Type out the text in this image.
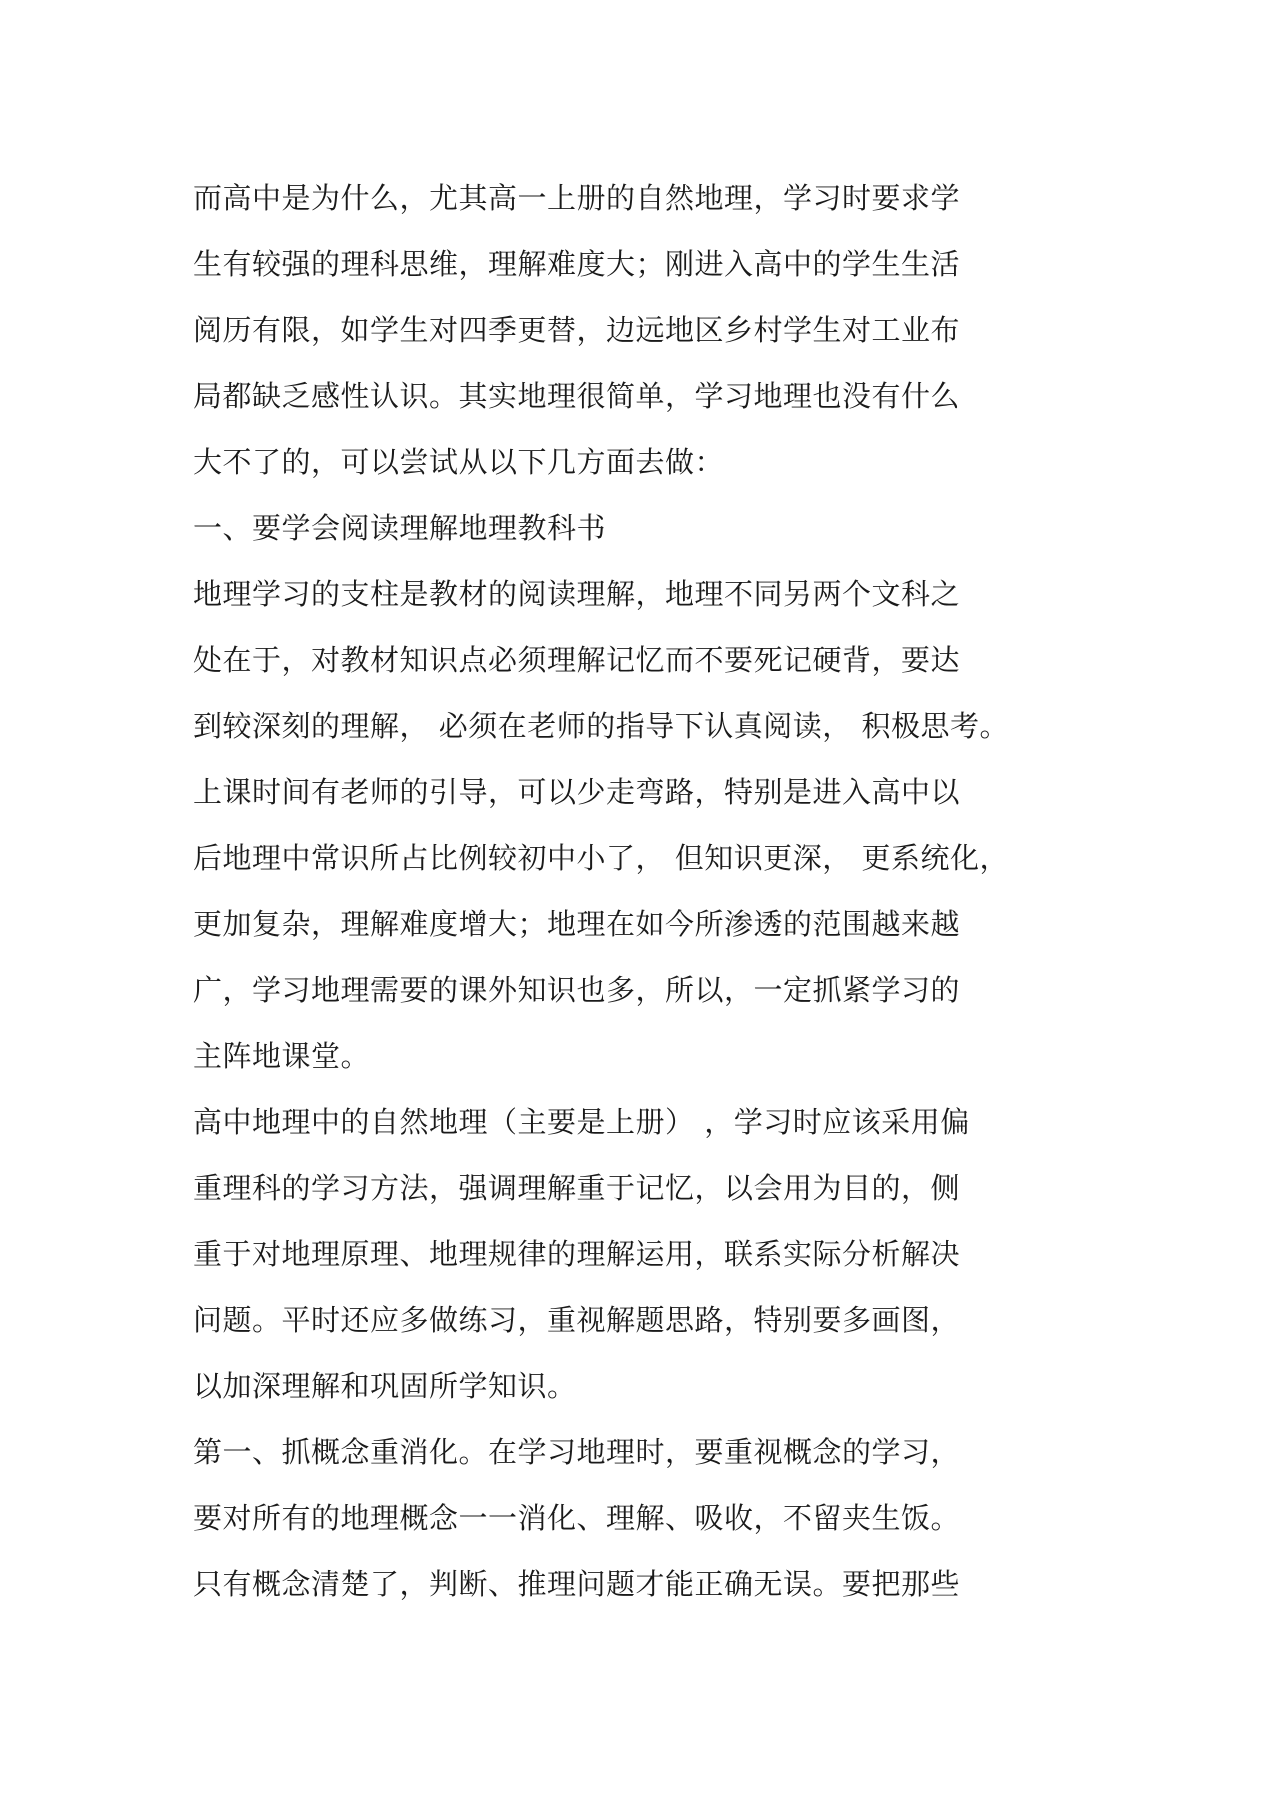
而高中是为什么，尤其高一上册的自然地理，学习时要求学
生有较强的理科思维，理解难度大；刚进入高中的学生生活
阅历有限，如学生对四季更替，边远地区乡村学生对工业布
局都缺乏感性认识。其实地理很简单，学习地理也没有什么
大不了的，可以尝试从以下几方面去做：
一、要学会阅读理解地理教科书
地理学习的支柱是教材的阅读理解，地理不同另两个文科之
处在于，对教材知识点必须理解记忆而不要死记硬背，要达
到较深刻的理解， 必须在老师的指导下认真阅读， 积极思考。
上课时间有老师的引导，可以少走弯路，特别是进入高中以
后地理中常识所占比例较初中小了， 但知识更深， 更系统化，
更加复杂，理解难度增大；地理在如今所渗透的范围越来越
广，学习地理需要的课外知识也多，所以，一定抓紧学习的
主阵地课堂。
高中地理中的自然地理（主要是上册） ，学习时应该采用偏
重理科的学习方法，强调理解重于记忆，以会用为目的，侧
重于对地理原理、地理规律的理解运用，联系实际分析解决
问题。平时还应多做练习，重视解题思路，特别要多画图，
以加深理解和巩固所学知识。
第一、抓概念重消化。在学习地理时，要重视概念的学习，
要对所有的地理概念一一消化、理解、吸收，不留夹生饭。
只有概念清楚了，判断、推理问题才能正确无误。要把那些
